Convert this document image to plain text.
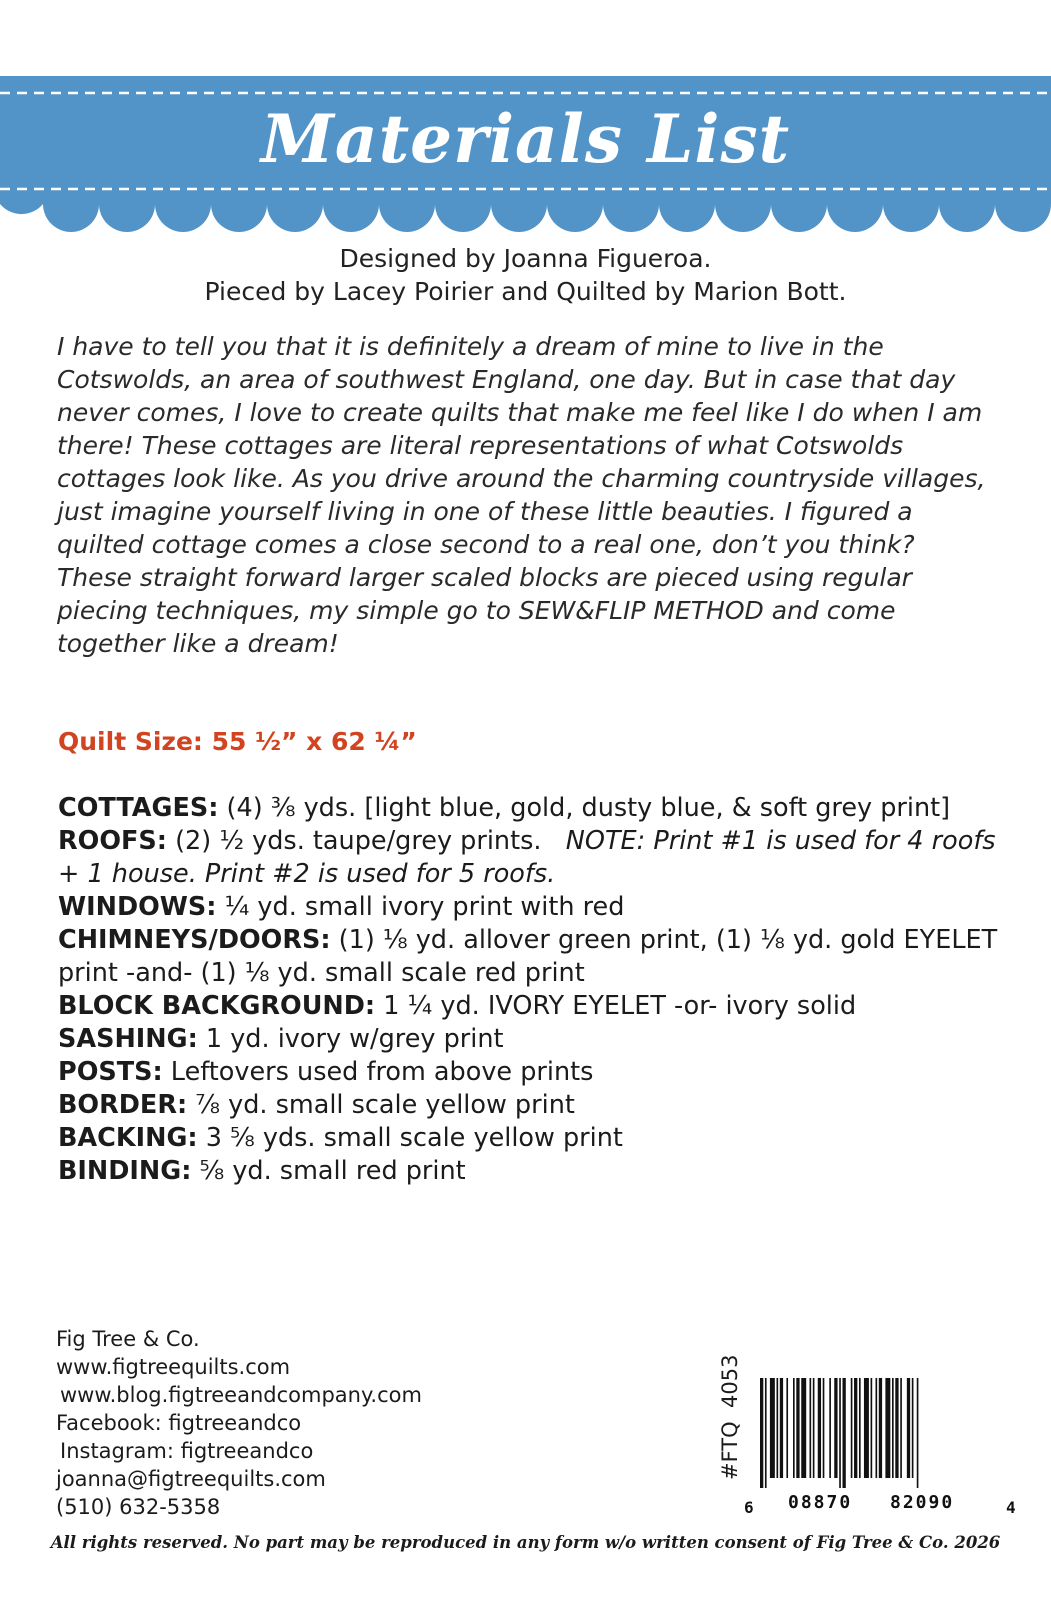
Materials List
Designed by Joanna Figueroa.
Pieced by Lacey Poirier and Quilted by Marion Bott.

I have to tell you that it is definitely a dream of mine to live in the Cotswolds, an area of southwest England, one day. But in case that day never comes, I love to create quilts that make me feel like I do when I am there! These cottages are literal representations of what Cotswolds cottages look like. As you drive around the charming countryside villages, just imagine yourself living in one of these little beauties. I figured a quilted cottage comes a close second to a real one, don’t you think?

These straight forward larger scaled blocks are pieced using regular piecing techniques, my simple go to SEW&FLIP METHOD and come together like a dream!

Quilt Size: 55 ½” x 62 ¼”

COTTAGES: (4) ⅜ yds. [light blue, gold, dusty blue, & soft grey print]

ROOFS: (2) ½ yds. taupe/grey prints.   NOTE: Print #1 is used for 4 roofs + 1 house. Print #2 is used for 5 roofs.

WINDOWS: ¼ yd. small ivory print with red

CHIMNEYS/DOORS: (1) ⅛ yd. allover green print, (1) ⅛ yd. gold EYELET print -and- (1) ⅛ yd. small scale red print

BLOCK BACKGROUND: 1 ¼ yd. IVORY EYELET -or- ivory solid

SASHING: 1 yd. ivory w/grey print

POSTS: Leftovers used from above prints

BORDER: ⅞ yd. small scale yellow print

BACKING: 3 ⅝ yds. small scale yellow print

BINDING: ⅝ yd. small red print

Fig Tree & Co.
www.figtreequilts.com
www.blog.figtreeandcompany.com
Facebook: figtreeandco
Instagram: figtreeandco
joanna@figtreequilts.com
(510) 632-5358
#FTQ  4053
6 08870 82090	4
All rights reserved. No part may be reproduced in any form w/o written consent of Fig Tree & Co. 2026
